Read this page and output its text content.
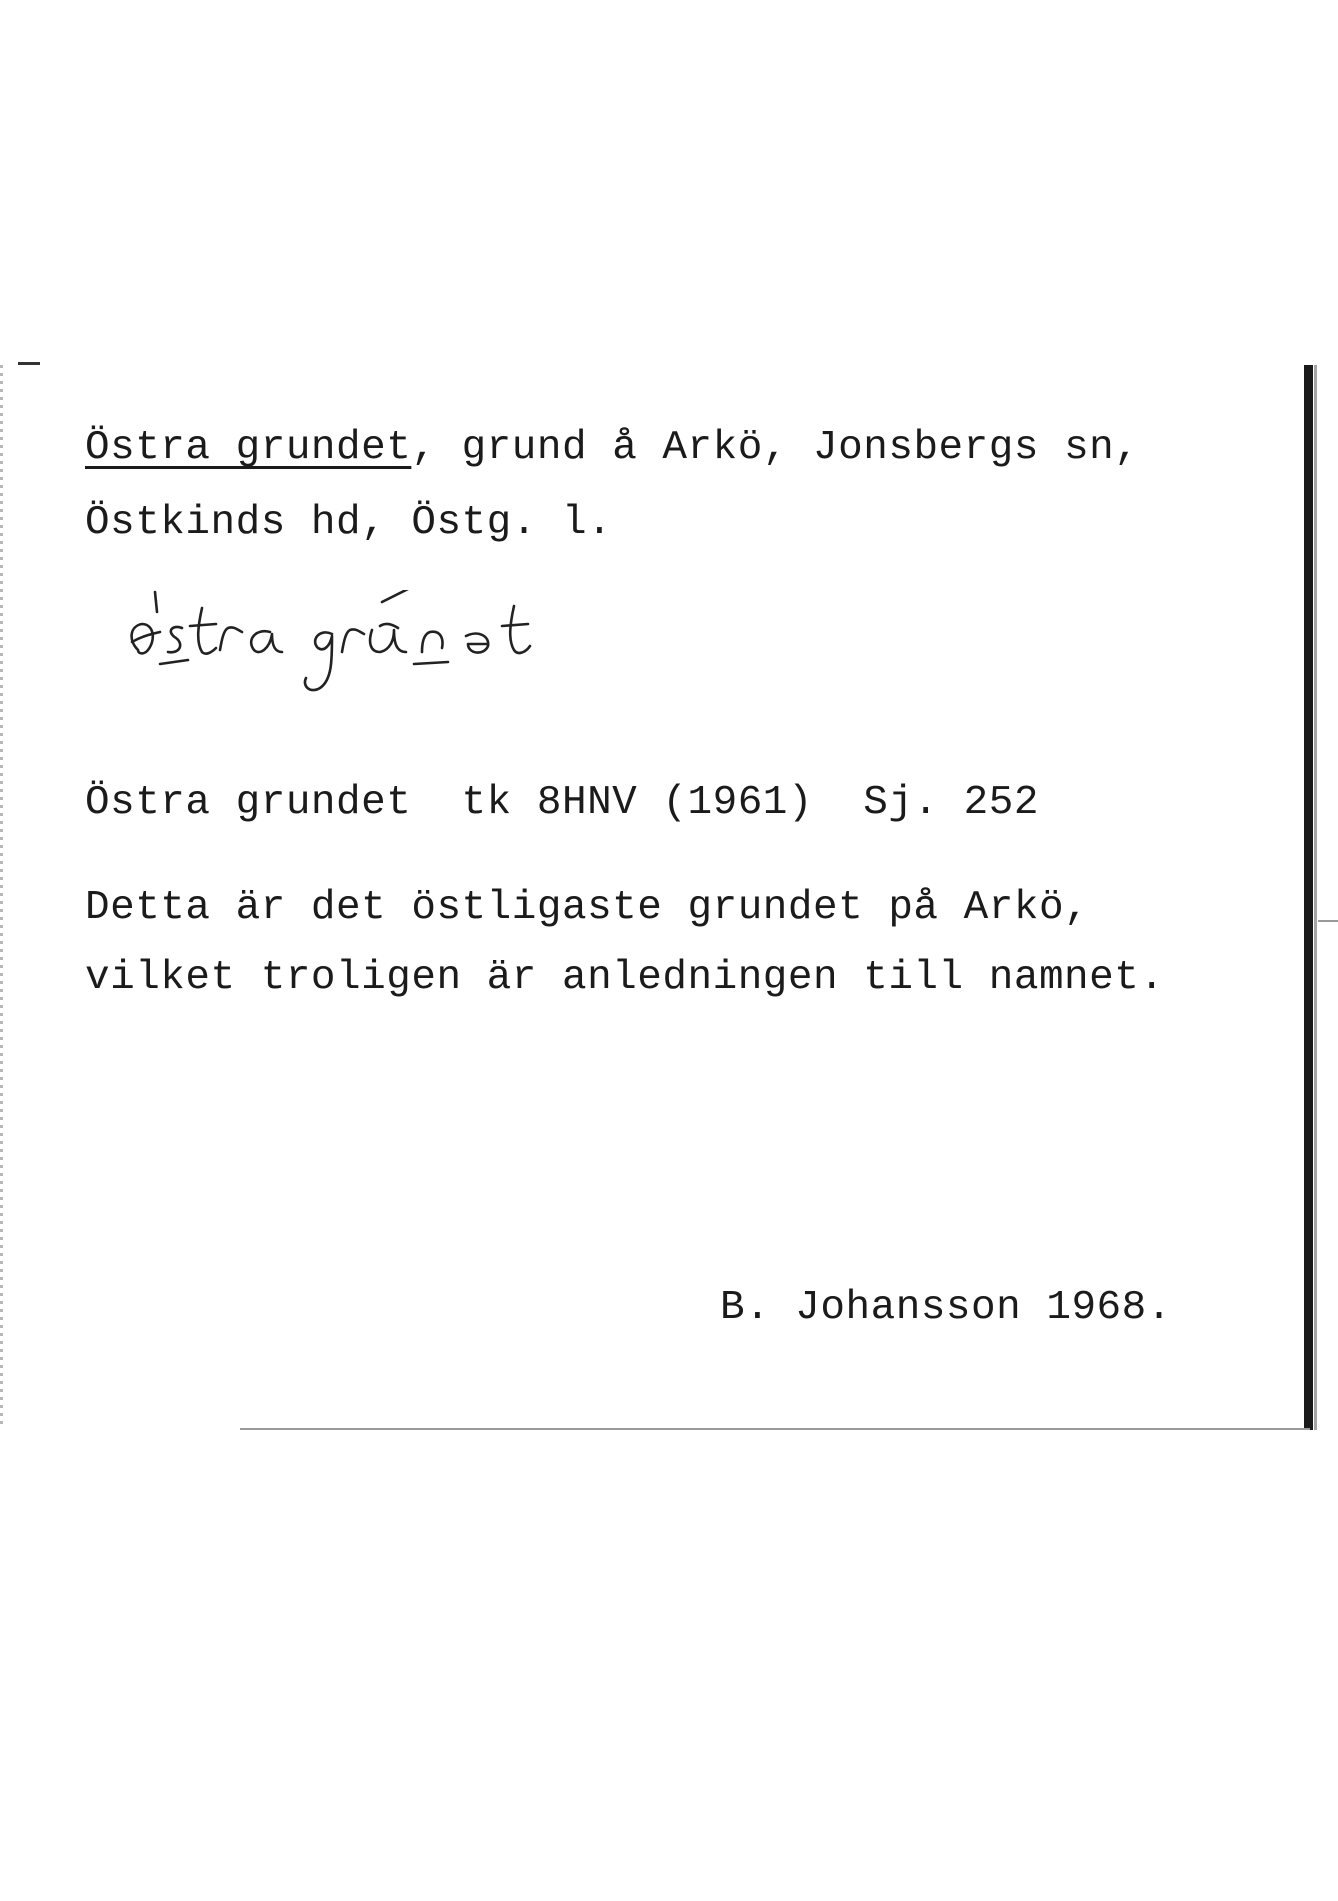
Östra grundet, grund å Arkö, Jonsbergs sn,
Östkinds hd, Östg. l.
Östra grundet  tk 8HNV (1961)  Sj. 252
Detta är det östligaste grundet på Arkö,
vilket troligen är anledningen till namnet.
B. Johansson 1968.
